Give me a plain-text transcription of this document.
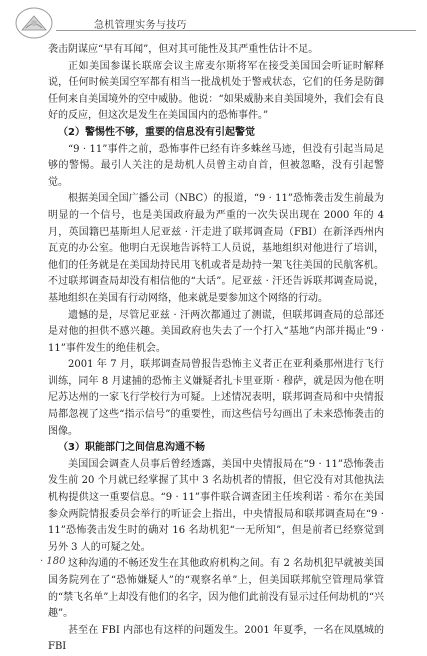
急机管理实务与技巧

袭击阴谋应“早有耳闻”，但对其可能性及其严重性估计不足。

正如美国参谋长联席会议主席麦尔斯将军在接受美国国会听证时解释说，任何时候美国空军都有相当一批战机处于警戒状态，它们的任务是防御任何来自美国境外的空中威胁。他说：“如果威胁来自美国境外，我们会有良好的反应，但这次是发生在美国国内的恐怖事件。”

（2）警惕性不够，重要的信息没有引起警觉

“9 · 11”事件之前，恐怖事件已经有许多蛛丝马迹，但没有引起当局足够的警惕。最引人关注的是劫机人员曾主动自首，但被忽略，没有引起警觉。

根据美国全国广播公司（NBC）的报道，“9 · 11”恐怖袭击发生前最为明显的一个信号，也是美国政府最为严重的一次失误出现在 2000 年的 4 月，英国籍巴基斯坦人尼亚兹 · 汗走进了联邦调查局（FBI）在新泽西州内瓦克的办公室。他明白无误地告诉特工人员说，基地组织对他进行了培训，他们的任务就是在美国劫持民用飞机或者是劫持一架飞往美国的民航客机。不过联邦调查局却没有相信他的“大话”。尼亚兹 · 汗还告诉联邦调查局说，基地组织在美国有行动网络，他来就是要参加这个网络的行动。

遗憾的是，尽管尼亚兹 · 汗两次都通过了测谎，但联邦调查局的总部还是对他的担供不感兴趣。美国政府也失去了一个打入“基地”内部并揭止“9 · 11”事件发生的绝佳机会。

2001 年 7 月，联邦调查局曾报告恐怖主义者正在亚利桑那州进行飞行训练，同年 8 月逮捕的恐怖主义嫌疑者扎卡里亚斯 · 穆萨，就是因为他在明尼苏达州的一家飞行学校行为可疑。上述情况表明，联邦调查局和中央情报局都忽视了这些“指示信号”的重要性，而这些信号勾画出了未来恐怖袭击的图像。

（3）职能部门之间信息沟通不畅

美国国会调查人员事后曾经透露，美国中央情报局在“9 · 11”恐怖袭击发生前 20 个月就已经掌握了其中 3 名劫机者的情报，但它没有对其他执法机构提供这一重要信息。“9 · 11”事件联合调查团主任埃利诺 · 希尔在美国参众两院情报委员会举行的听证会上指出，中央情报局和联邦调查局在“9 · 11”恐怖袭击发生时的确对 16 名劫机犯“一无所知”，但是前者已经察觉到另外 3 人的可疑之处。

这种沟通的不畅还发生在其他政府机构之间。有 2 名劫机犯早就被美国国务院列在了“恐怖嫌疑人”的“观察名单”上，但美国联邦航空管理局掌管的“禁飞名单”上却没有他们的名字，因为他们此前没有显示过任何劫机的“兴趣”。

甚至在 FBI 内部也有这样的问题发生。2001 年夏季，一名在凤凰城的 FBI

· 180 ·
